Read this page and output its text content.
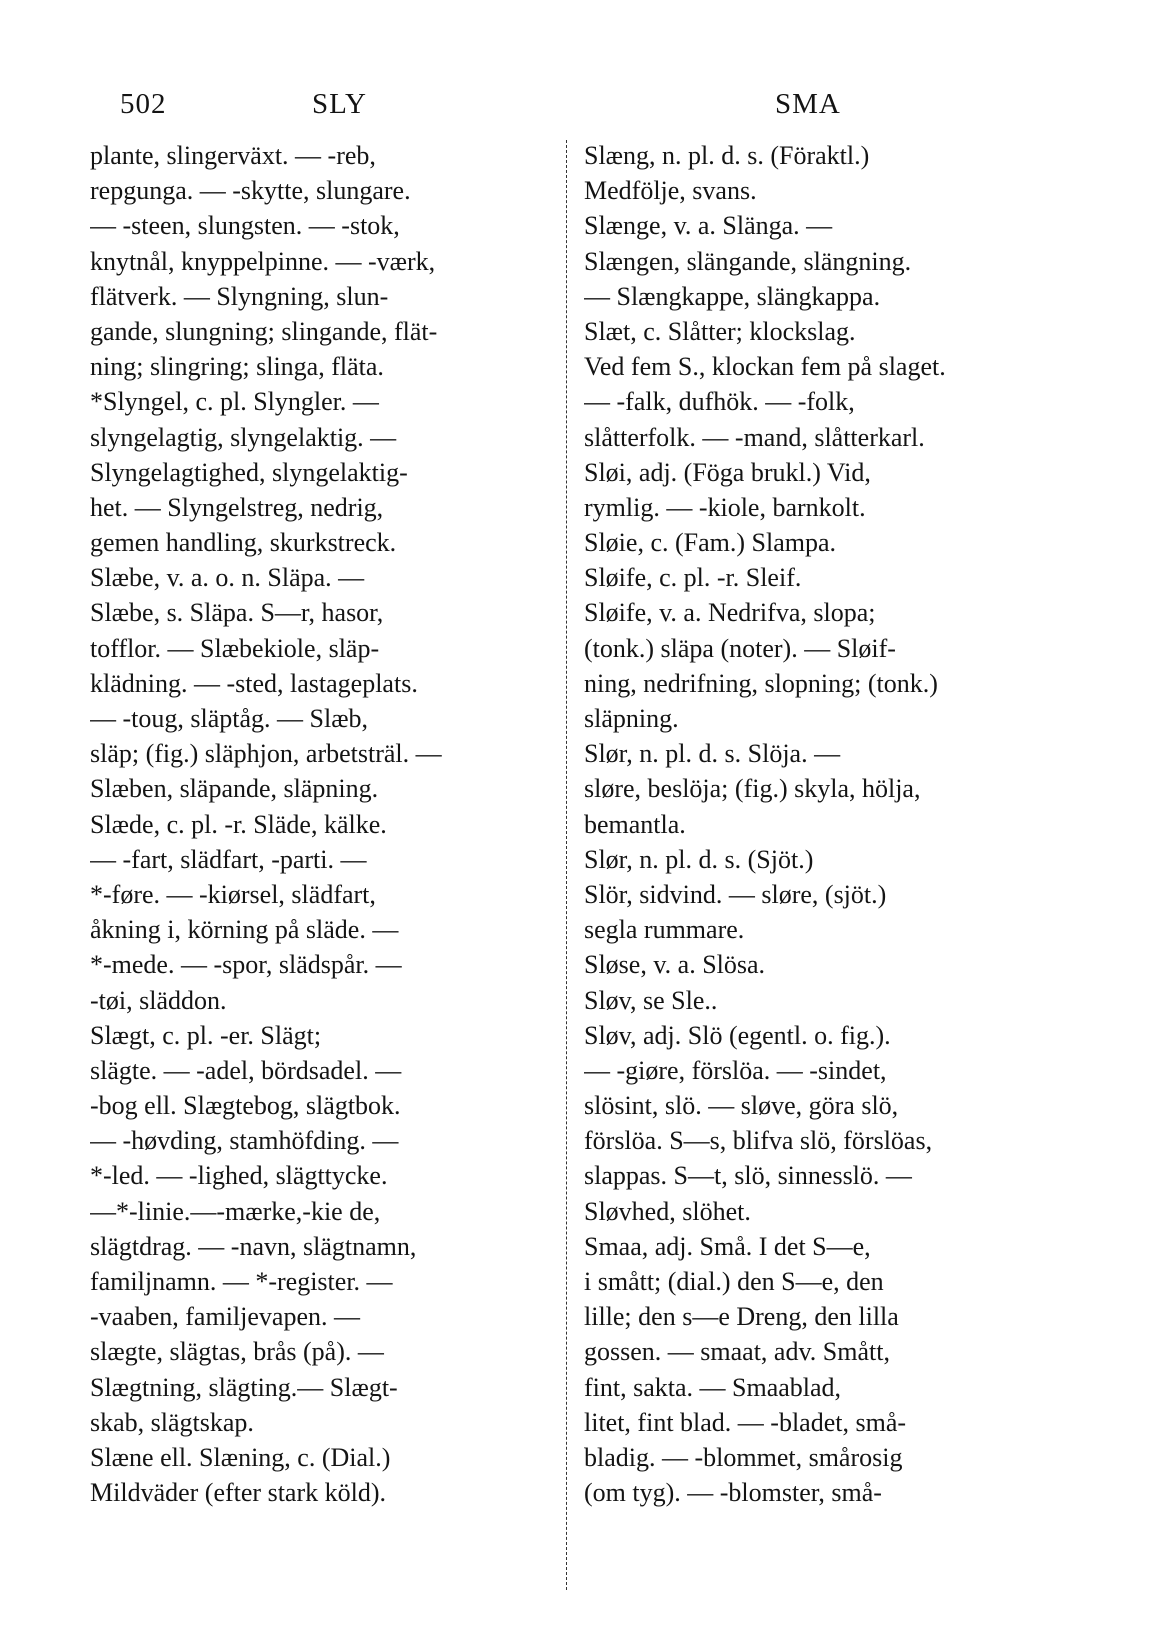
502	SLY	SMA
plante, slingerväxt. — -reb,
repgunga. — -skytte, slungare.
— -steen, slungsten. — -stok,
knytnål, knyppelpinne. — -værk,
flätverk. — Slyngning, slun-
gande, slungning; slingande, flät-
ning; slingring; slinga, fläta.
*Slyngel, c. pl. Slyngler. —
slyngelagtig, slyngelaktig. —
Slyngelagtighed, slyngelaktig-
het. — Slyngelstreg, nedrig,
gemen handling, skurkstreck.
Slæbe, v. a. o. n. Släpa. —
Slæbe, s. Släpa. S—r, hasor,
tofflor. — Slæbekiole, släp-
klädning. — -sted, lastageplats.
— -toug, släptåg. — Slæb,
släp; (fig.) släphjon, arbetsträl. —
Slæben, släpande, släpning.
Slæde, c. pl. -r. Släde, kälke.
— -fart, slädfart, -parti. —
*-føre. — -kiørsel, slädfart,
åkning i, körning på släde. —
*-mede. — -spor, slädspår. —
-tøi, släddon.
Slægt, c. pl. -er. Slägt;
slägte. — -adel, bördsadel. —
-bog ell. Slægtebog, slägtbok.
— -høvding, stamhöfding. —
*-led. — -lighed, slägttycke.
—*-linie.—-mærke,-kie de,
slägtdrag. — -navn, slägtnamn,
familjnamn. — *-register. —
-vaaben, familjevapen. —
slægte, slägtas, brås (på). —
Slægtning, slägting.— Slægt-
skab, slägtskap.
Slæne ell. Slæning, c. (Dial.)
Mildväder (efter stark köld).
Slæng, n. pl. d. s. (Föraktl.)
Medfölje, svans.
Slænge, v. a. Slänga. —
Slængen, slängande, slängning.
— Slængkappe, slängkappa.
Slæt, c. Slåtter; klockslag.
Ved fem S., klockan fem på slaget.
— -falk, dufhök. — -folk,
slåtterfolk. — -mand, slåtterkarl.
Sløi, adj. (Föga brukl.) Vid,
rymlig. — -kiole, barnkolt.
Sløie, c. (Fam.) Slampa.
Sløife, c. pl. -r. Sleif.
Sløife, v. a. Nedrifva, slopa;
(tonk.) släpa (noter). — Sløif-
ning, nedrifning, slopning; (tonk.)
släpning.
Slør, n. pl. d. s. Slöja. —
sløre, beslöja; (fig.) skyla, hölja,
bemantla.
Slør, n. pl. d. s. (Sjöt.)
Slör, sidvind. — sløre, (sjöt.)
segla rummare.
Sløse, v. a. Slösa.
Sløv, se Sle..
Sløv, adj. Slö (egentl. o. fig.).
— -giøre, förslöa. — -sindet,
slösint, slö. — sløve, göra slö,
förslöa. S—s, blifva slö, förslöas,
slappas. S—t, slö, sinnesslö. —
Sløvhed, slöhet.
Smaa, adj. Små. I det S—e,
i smått; (dial.) den S—e, den
lille; den s—e Dreng, den lilla
gossen. — smaat, adv. Smått,
fint, sakta. — Smaablad,
litet, fint blad. — -bladet, små-
bladig. — -blommet, smårosig
(om tyg). — -blomster, små-
